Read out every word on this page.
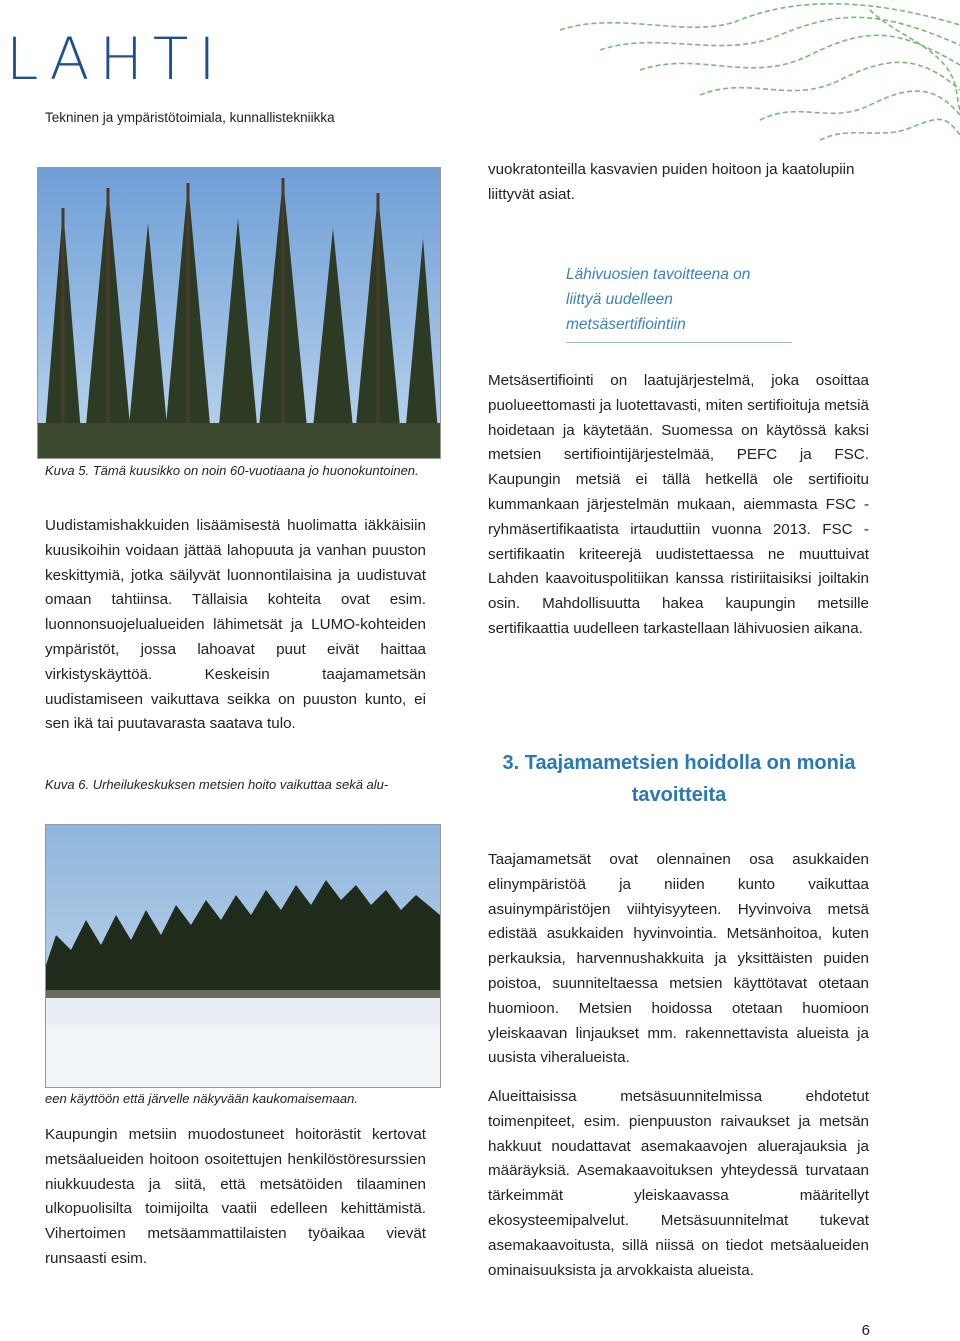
LAHTI
Tekninen ja ympäristötoimiala, kunnallistekniikka
Kuva 5. Tämä kuusikko on noin 60-vuotiaana jo huonokuntoinen.
Uudistamishakkuiden lisäämisestä huolimatta iäkkäisiin kuusikoihin voidaan jättää lahopuuta ja vanhan puuston keskittymiä, jotka säilyvät luonnontilaisina ja uudistuvat omaan tahtiinsa. Tällaisia kohteita ovat esim. luonnonsuojelualueiden lähimetsät ja LUMO-kohteiden ympäristöt, jossa lahoavat puut eivät haittaa virkistyskäyttöä. Keskeisin taajamametsän uudistamiseen vaikuttava seikka on puuston kunto, ei sen ikä tai puutavarasta saatava tulo.
Kuva 6. Urheilukeskuksen metsien hoito vaikuttaa sekä alu-
een käyttöön että järvelle näkyvään kaukomaisemaan.
Kaupungin metsiin muodostuneet hoitorästit kertovat metsäalueiden hoitoon osoitettujen henkilöstöresurssien niukkuudesta ja siitä, että metsätöiden tilaaminen ulkopuolisilta toimijoilta vaatii edelleen kehittämistä. Vihertoimen metsäammattilaisten työaikaa vievät runsaasti esim.
vuokratonteilla kasvavien puiden hoitoon ja kaatolupiin liittyvät asiat.
Lähivuosien tavoitteena on
liittyä uudelleen
metsäsertifiointiin
Metsäsertifiointi on laatujärjestelmä, joka osoittaa puolueettomasti ja luotettavasti, miten sertifioituja metsiä hoidetaan ja käytetään. Suomessa on käytössä kaksi metsien sertifiointijärjestelmää, PEFC ja FSC. Kaupungin metsiä ei tällä hetkellä ole sertifioitu kummankaan järjestelmän mukaan, aiemmasta FSC -ryhmäsertifikaatista irtauduttiin vuonna 2013. FSC -sertifikaatin kriteerejä uudistettaessa ne muuttuivat Lahden kaavoituspolitiikan kanssa ristiriitaisiksi joiltakin osin. Mahdollisuutta hakea kaupungin metsille sertifikaattia uudelleen tarkastellaan lähivuosien aikana.
3. Taajamametsien hoidolla on monia
tavoitteita
Taajamametsät ovat olennainen osa asukkaiden elinympäristöä ja niiden kunto vaikuttaa asuinympäristöjen viihtyisyyteen. Hyvinvoiva metsä edistää asukkaiden hyvinvointia. Metsänhoitoa, kuten perkauksia, harvennushakkuita ja yksittäisten puiden poistoa, suunniteltaessa metsien käyttötavat otetaan huomioon. Metsien hoidossa otetaan huomioon yleiskaavan linjaukset mm. rakennettavista alueista ja uusista viheralueista.
Alueittaisissa metsäsuunnitelmissa ehdotetut toimenpiteet, esim. pienpuuston raivaukset ja metsän hakkuut noudattavat asemakaavojen aluerajauksia ja määräyksiä. Asemakaavoituksen yhteydessä turvataan tärkeimmät yleiskaavassa määritellyt ekosysteemipalvelut. Metsäsuunnitelmat tukevat asemakaavoitusta, sillä niissä on tiedot metsäalueiden ominaisuuksista ja arvokkaista alueista.
6
